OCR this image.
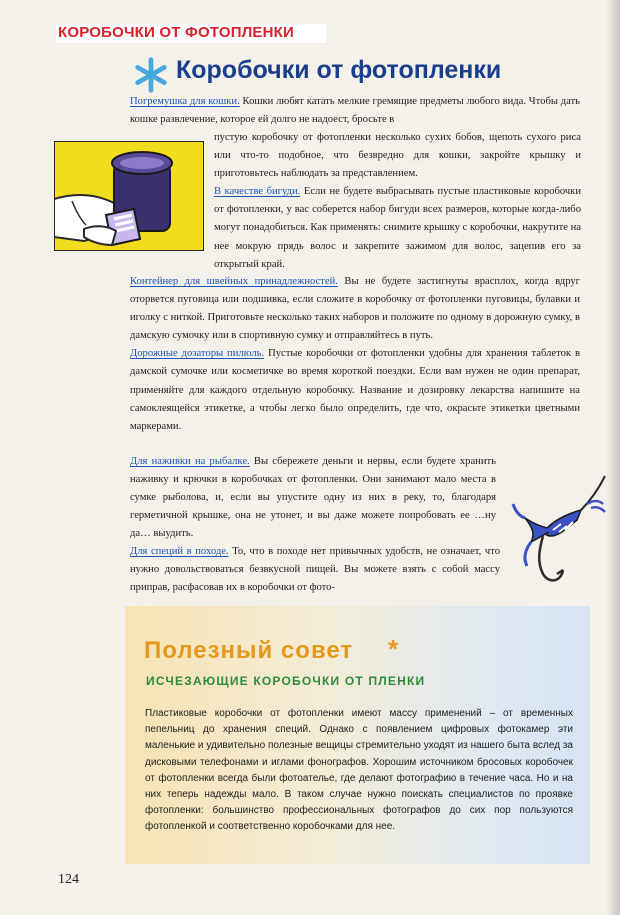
КОРОБОЧКИ ОТ ФОТОПЛЕНКИ
Коробочки от фотопленки

Погремушка для кошки. Кошки любят катать мелкие гремящие предметы любого вида. Чтобы дать кошке развлечение, которое ей долго не надоест, бросьте в

пустую коробочку от фотопленки несколько сухих бобов, щепоть сухого риса или что-то подобное, что безвредно для кошки, закройте крышку и приготовьтесь наблюдать за представлением.

В качестве бигуди. Если не будете выбрасывать пустые пластиковые коробочки от фотопленки, у вас соберется набор бигуди всех размеров, которые когда-либо могут понадобиться. Как применять: снимите крышку с коробочки, накрутите на нее мокрую прядь волос и закрепите зажимом для волос, зацепив его за открытый край.

Контейнер для швейных принадлежностей. Вы не будете застигнуты врасплох, когда вдруг оторвется пуговица или подшивка, если сложите в коробочку от фотопленки пуговицы, булавки и иголку с ниткой. Приготовьте несколько таких наборов и положите по одному в дорожную сумку, в дамскую сумочку или в спортивную сумку и отправляйтесь в путь.

Дорожные дозаторы пилюль. Пустые коробочки от фотопленки удобны для хранения таблеток в дамской сумочке или косметичке во время короткой поездки. Если вам нужен не один препарат, применяйте для каждого отдельную коробочку. Название и дозировку лекарства напишите на самоклеящейся этикетке, а чтобы легко было определить, где что, окрасьте этикетки цветными маркерами.

Для наживки на рыбалке. Вы сбережете деньги и нервы, если будете хранить наживку и крючки в коробочках от фотопленки. Они занимают мало места в сумке рыболова, и, если вы упустите одну из них в реку, то, благодаря герметичной крышке, она не утонет, и вы даже можете попробовать ее …ну да… выудить.

Для специй в походе. То, что в походе нет привычных удобств, не означает, что нужно довольствоваться безвкусной пищей. Вы можете взять с собой массу приправ, расфасовав их в коробочки от фото-

Полезный совет *
ИСЧЕЗАЮЩИЕ КОРОБОЧКИ ОТ ПЛЕНКИ

Пластиковые коробочки от фотопленки имеют массу применений – от временных пепельниц до хранения специй. Однако с появлением цифровых фотокамер эти маленькие и удивительно полезные вещицы стремительно уходят из нашего быта вслед за дисковыми телефонами и иглами фонографов. Хорошим источником бросовых коробочек от фотопленки всегда были фотоателье, где делают фотографию в течение часа. Но и на них теперь надежды мало. В таком случае нужно поискать специалистов по проявке фотопленки: большинство профессиональных фотографов до сих пор пользуются фотопленкой и соответственно коробочками для нее.

124
